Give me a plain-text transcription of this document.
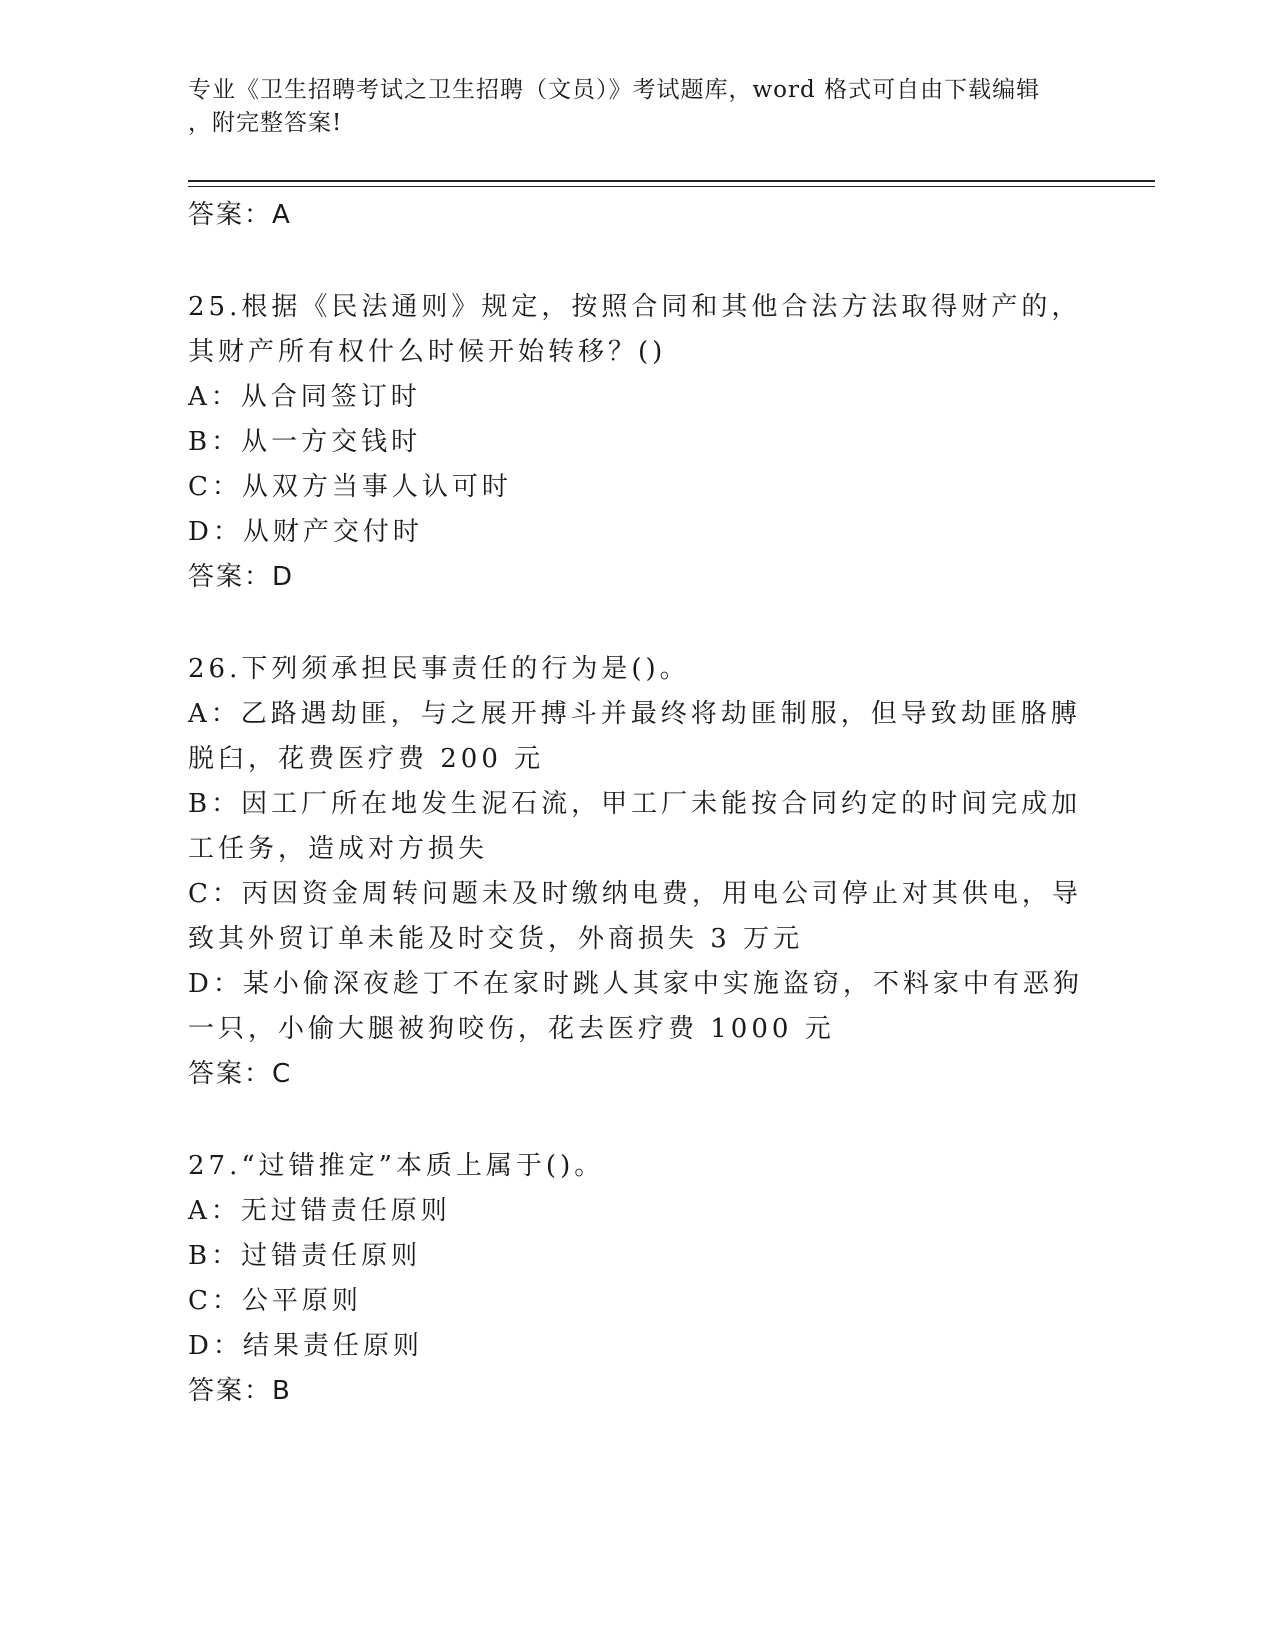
专业《卫生招聘考试之卫生招聘（文员）》考试题库，word 格式可自由下载编辑
，附完整答案!
答案：A
25.根据《民法通则》规定，按照合同和其他合法方法取得财产的，其财产所有权什么时候开始转移？()
A：从合同签订时
B：从一方交钱时
C：从双方当事人认可时
D：从财产交付时
答案：D
26.下列须承担民事责任的行为是()。
A：乙路遇劫匪，与之展开搏斗并最终将劫匪制服，但导致劫匪胳膊脱臼，花费医疗费 200 元
B：因工厂所在地发生泥石流，甲工厂未能按合同约定的时间完成加工任务，造成对方损失
C：丙因资金周转问题未及时缴纳电费，用电公司停止对其供电，导致其外贸订单未能及时交货，外商损失 3 万元
D：某小偷深夜趁丁不在家时跳人其家中实施盗窃，不料家中有恶狗一只，小偷大腿被狗咬伤，花去医疗费 1000 元
答案：C
27.“过错推定”本质上属于()。
A：无过错责任原则
B：过错责任原则
C：公平原则
D：结果责任原则
答案：B
